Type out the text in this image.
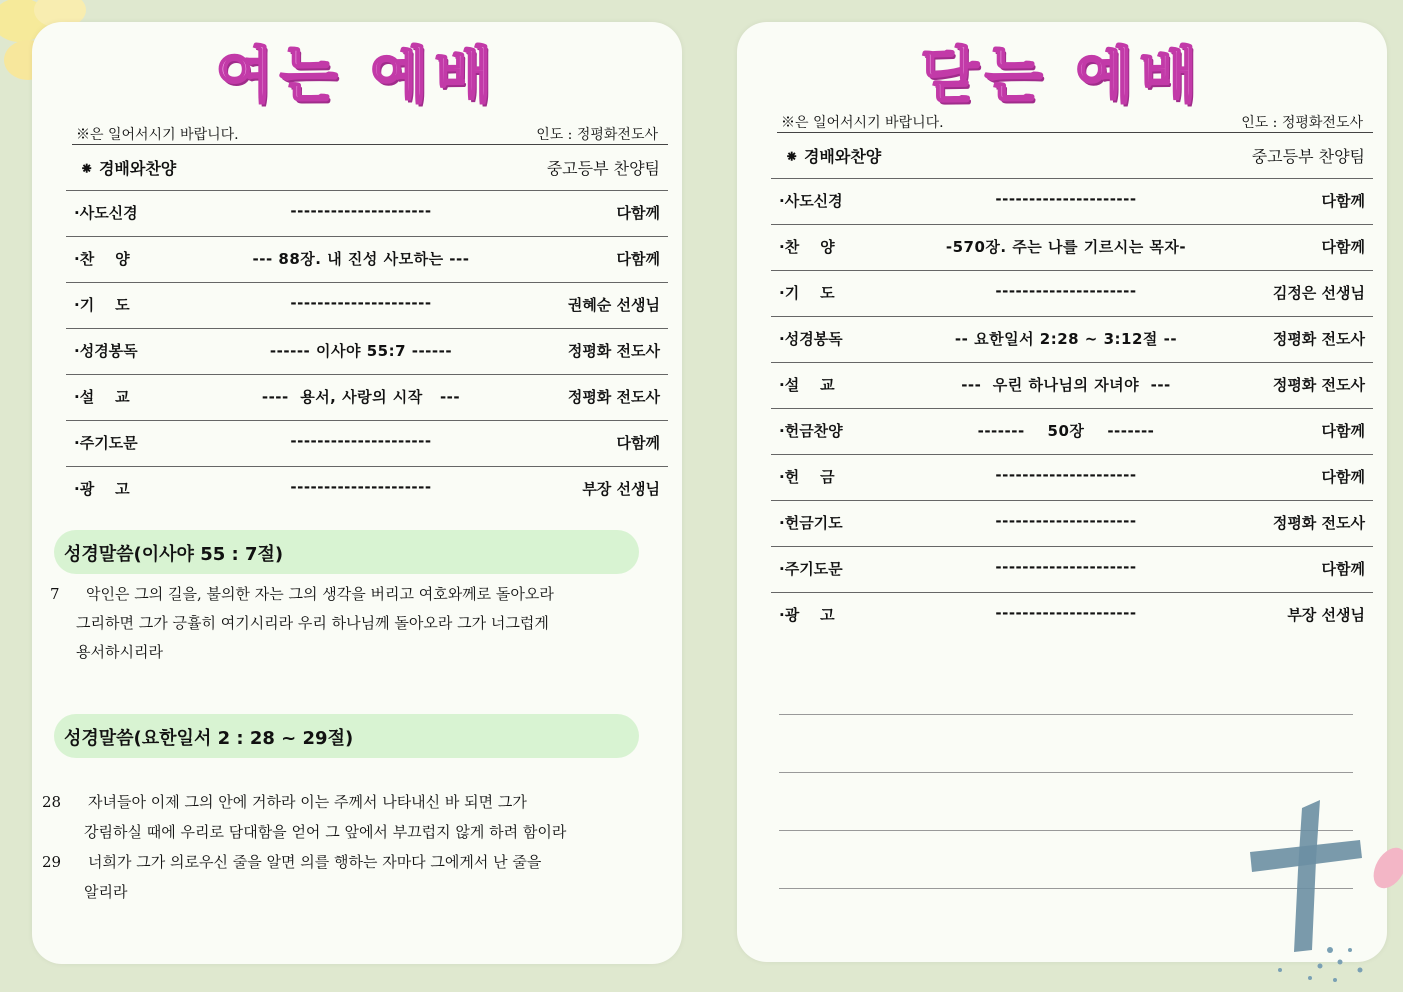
여는 예배
※은 일어서시기 바랍니다.	인도 : 정평화전도사
⁕ 경배와찬양	중고등부 찬양팀
·사도신경	---------------------	다함께
·찬    양	--- 88장. 내 진성 사모하는 ---	다함께
·기    도	---------------------	권혜순 선생님
·성경봉독	------ 이사야 55:7 ------	정평화 전도사
·설    교	----  용서, 사랑의 시작   ---	정평화 전도사
·주기도문	---------------------	다함께
·광    고	---------------------	부장 선생님
성경말씀(이사야 55 : 7절)
7 악인은 그의 길을, 불의한 자는 그의 생각을 버리고 여호와께로 돌아오라
그리하면 그가 긍휼히 여기시리라 우리 하나님께 돌아오라 그가 너그럽게
용서하시리라
성경말씀(요한일서 2 : 28 ~ 29절)
28 자녀들아 이제 그의 안에 거하라 이는 주께서 나타내신 바 되면 그가
강림하실 때에 우리로 담대함을 얻어 그 앞에서 부끄럽지 않게 하려 함이라
29 너희가 그가 의로우신 줄을 알면 의를 행하는 자마다 그에게서 난 줄을
알리라
닫는 예배
※은 일어서시기 바랍니다.	인도 : 정평화전도사
⁕ 경배와찬양	중고등부 찬양팀
·사도신경	---------------------	다함께
·찬    양	-570장. 주는 나를 기르시는 목자-	다함께
·기    도	---------------------	김정은 선생님
·성경봉독	-- 요한일서 2:28 ~ 3:12절 --	정평화 전도사
·설    교	---  우린 하나님의 자녀야  ---	정평화 전도사
·헌금찬양	-------    50장    -------	다함께
·헌    금	---------------------	다함께
·헌금기도	---------------------	정평화 전도사
·주기도문	---------------------	다함께
·광    고	---------------------	부장 선생님
